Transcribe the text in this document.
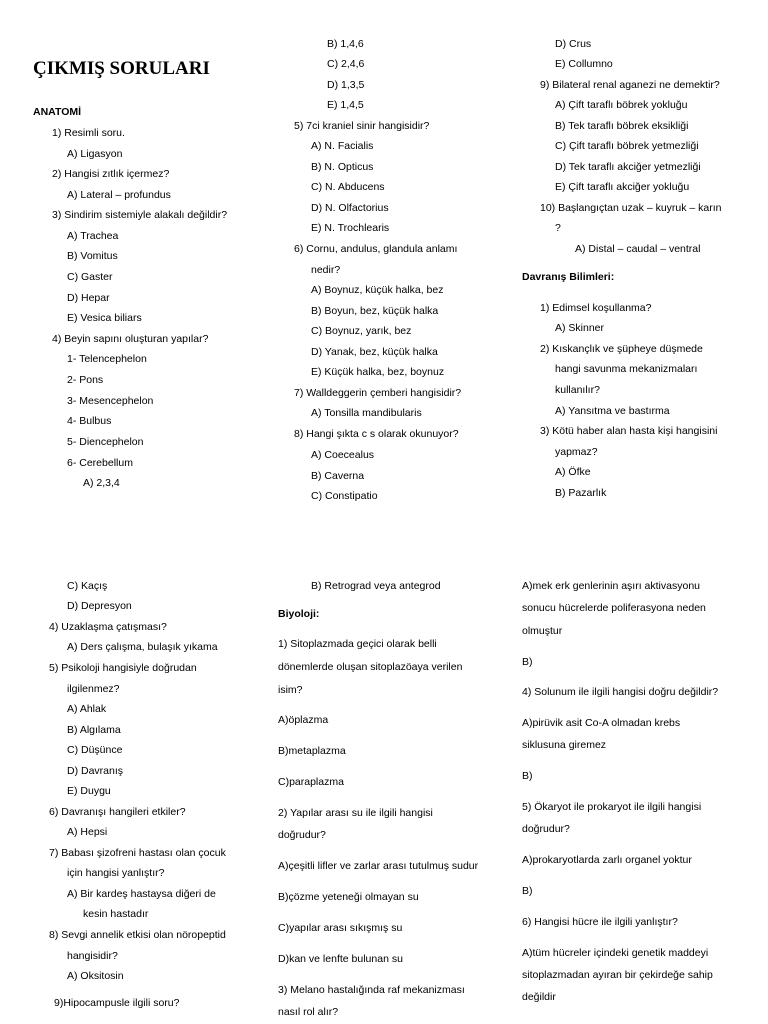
ÇIKMIŞ SORULARI
ANATOMİ
Davranış Bilimleri:
Biyoloji:
1) Resimli soru.
A) Ligasyon
2) Hangisi zıtlık içermez?
A) Lateral – profundus
3) Sindirim sistemiyle alakalı değildir?
A) Trachea
B) Vomitus
C) Gaster
D) Hepar
E) Vesica biliars
4) Beyin sapını oluşturan yapılar?
1- Telencephelon
2- Pons
3- Mesencephelon
4- Bulbus
5- Diencephelon
6- Cerebellum
A) 2,3,4
B) 1,4,6
C) 2,4,6
D) 1,3,5
E) 1,4,5
5) 7ci kraniel sinir hangisidir?
A) N. Facialis
B) N. Opticus
C) N. Abducens
D) N. Olfactorius
E) N. Trochlearis
6) Cornu, andulus, glandula anlamı
nedir?
A) Boynuz, küçük halka, bez
B) Boyun, bez, küçük halka
C) Boynuz, yarık, bez
D) Yanak, bez, küçük halka
E) Küçük halka, bez, boynuz
7) Walldeggerin çemberi hangisidir?
A) Tonsilla mandibularis
8) Hangi şıkta c s olarak okunuyor?
A) Coecealus
B) Caverna
C) Constipatio
D) Crus
E) Collumno
9) Bilateral renal aganezi ne demektir?
A) Çift taraflı böbrek yokluğu
B) Tek taraflı böbrek eksikliği
C) Çift taraflı böbrek yetmezliği
D) Tek taraflı akciğer yetmezliği
E) Çift taraflı akciğer yokluğu
10) Başlangıçtan uzak – kuyruk – karın
?
A) Distal – caudal – ventral
1) Edimsel koşullanma?
A) Skinner
2) Kıskançlık ve şüpheye düşmede
hangi savunma mekanizmaları
kullanılır?
A) Yansıtma ve bastırma
3) Kötü haber alan hasta kişi hangisini
yapmaz?
A) Öfke
B) Pazarlık
C) Kaçış
D) Depresyon
4) Uzaklaşma çatışması?
A) Ders çalışma, bulaşık yıkama
5) Psikoloji hangisiyle doğrudan
ilgilenmez?
A) Ahlak
B) Algılama
C) Düşünce
D) Davranış
E) Duygu
6) Davranışı hangileri etkiler?
A) Hepsi
7) Babası şizofreni hastası olan çocuk
için hangisi yanlıştır?
A) Bir kardeş hastaysa diğeri de
kesin hastadır
8) Sevgi annelik etkisi olan nöropeptid
hangisidir?
A) Oksitosin
9)Hipocampusle ilgili soru?
B) Retrograd veya antegrod
1) Sitoplazmada geçici olarak belli
dönemlerde oluşan sitoplazöaya verilen
isim?
A)öplazma
B)metaplazma
C)paraplazma
2) Yapılar arası su ile ilgili hangisi
doğrudur?
A)çeşitli lifler ve zarlar arası tutulmuş sudur
B)çözme yeteneği olmayan su
C)yapılar arası sıkışmış su
D)kan ve lenfte bulunan su
3) Melano hastalığında raf mekanizması
nasıl rol alır?
A)mek erk genlerinin aşırı aktivasyonu
sonucu hücrelerde poliferasyona neden
olmuştur
B)
4) Solunum ile ilgili hangisi doğru değildir?
A)pirüvik asit Co-A olmadan krebs
siklusuna giremez
B)
5) Ökaryot ile prokaryot ile ilgili hangisi
doğrudur?
A)prokaryotlarda zarlı organel yoktur
B)
6) Hangisi hücre ile ilgili yanlıştır?
A)tüm hücreler içindeki genetik maddeyi
sitoplazmadan ayıran bir çekirdeğe sahip
değildir
